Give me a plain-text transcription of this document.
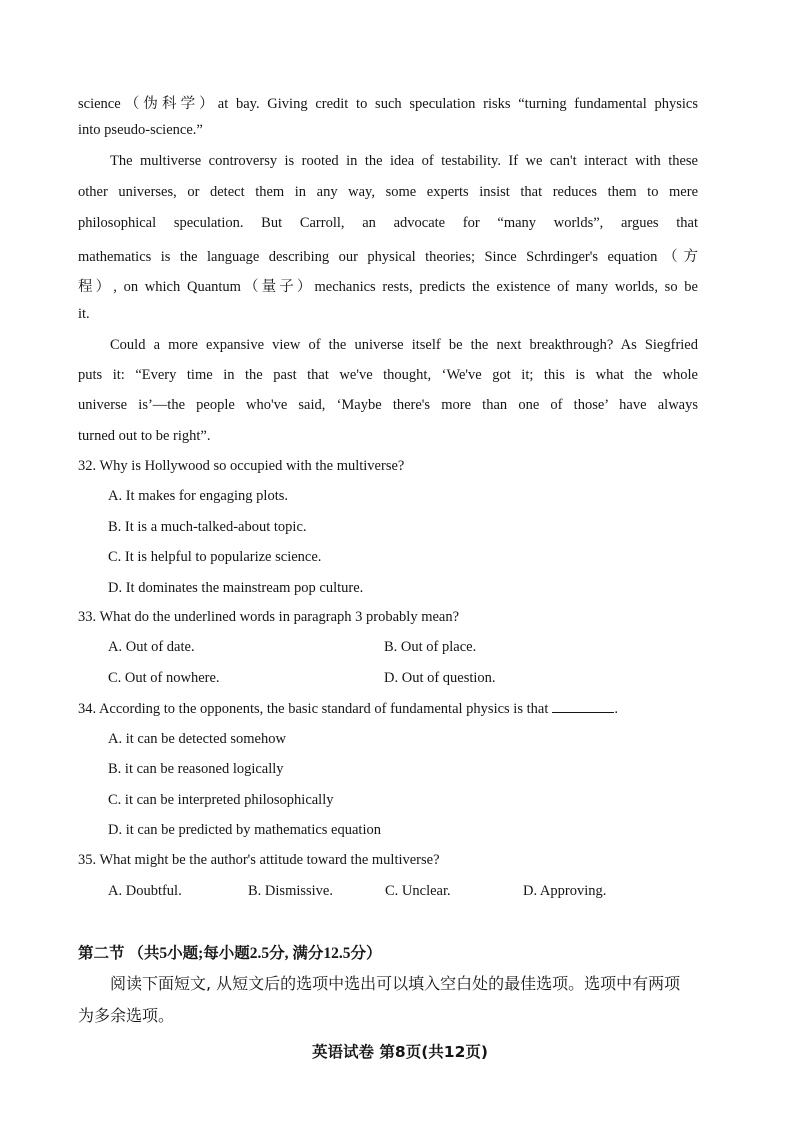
science（伪科学）at bay. Giving credit to such speculation risks “turning fundamental physics
into pseudo-science.”
The multiverse controversy is rooted in the idea of testability. If we can't interact with these
other universes, or detect them in any way, some experts insist that reduces them to mere
philosophical speculation. But Carroll, an advocate for “many worlds”, argues that
mathematics is the language describing our physical theories; Since Schrdinger's equation（方
程）, on which Quantum（量子）mechanics rests, predicts the existence of many worlds, so be
it.
Could a more expansive view of the universe itself be the next breakthrough? As Siegfried
puts it: “Every time in the past that we've thought, ‘We've got it; this is what the whole
universe is’—the people who've said, ‘Maybe there's more than one of those’ have always
turned out to be right”.
32. Why is Hollywood so occupied with the multiverse?
A. It makes for engaging plots.
B. It is a much-talked-about topic.
C. It is helpful to popularize science.
D. It dominates the mainstream pop culture.
33. What do the underlined words in paragraph 3 probably mean?
A. Out of date.	B. Out of place.
C. Out of nowhere.	D. Out of question.
34. According to the opponents, the basic standard of fundamental physics is that	.
A. it can be detected somehow
B. it can be reasoned logically
C. it can be interpreted philosophically
D. it can be predicted by mathematics equation
35. What might be the author's attitude toward the multiverse?
A. Doubtful.	B. Dismissive.	C. Unclear.	D. Approving.
第二节 （共5小题;每小题2.5分, 满分12.5分）
阅读下面短文, 从短文后的选项中选出可以填入空白处的最佳选项。选项中有两项
为多余选项。
英语试卷 第8页(共12页)
